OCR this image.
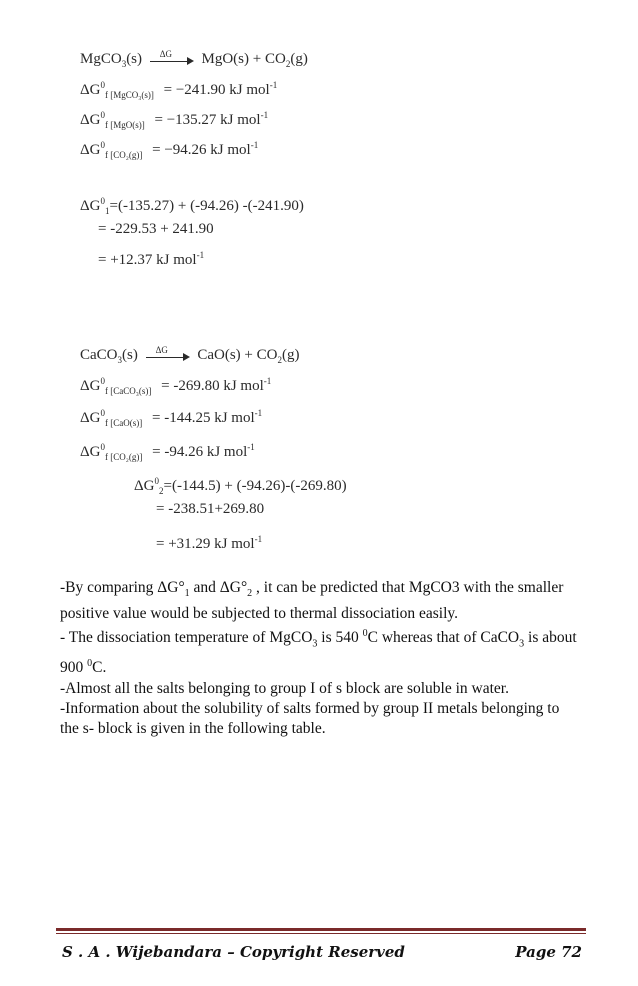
MgCO$_3$(s) ΔG $MgO(s) + CO_2(g)$
$\Delta G^0_{f [MgCO_3(s)]} = -241.90$ kJ mol$^{-1}$
$\Delta G^0_{f [MgO(s)]} = -135.27$ kJ mol$^{-1}$
$\Delta G^0_{f [CO_2(g)]} = -94.26$ kJ mol$^{-1}$
$\Delta G^0_1=(-135.27) + (-94.26)$ -(-241.90)
= -229.53 + 241.90
= +12.37 kJ mol$^{-1}$
CaCO$_3$(s) ΔG $CaO(s) + CO_2(g)$
$\Delta G^0_{f [CaCO_3(s)]} = -269.80$ kJ mol$^{-1}$
$\Delta G^0_{f [CaO(s)]} = -144.25$ kJ mol$^{-1}$
$\Delta G^0_{f [CO_2(g)]} = -94.26$ kJ mol$^{-1}$
$\Delta G^0_2=(-144.5) + (-94.26)-(-269.80)$
= -238.51+269.80
= +31.29 kJ mol$^{-1}$

-By comparing $\Delta G^\circ_1$ and $\Delta G^\circ_2$ , it can be predicted that MgCO3 with the smaller positive value would be subjected to thermal dissociation easily.

- The dissociation temperature of MgCO$_3$ is 540 $^0$C whereas that of CaCO$_3$ is about 900 $^0$C.

-Almost all the salts belonging to group I of s block are soluble in water.

-Information about the solubility of salts formed by group II metals belonging to the s- block is given in the following table.

S . A . Wijebandara – Copyright Reserved	Page 72
